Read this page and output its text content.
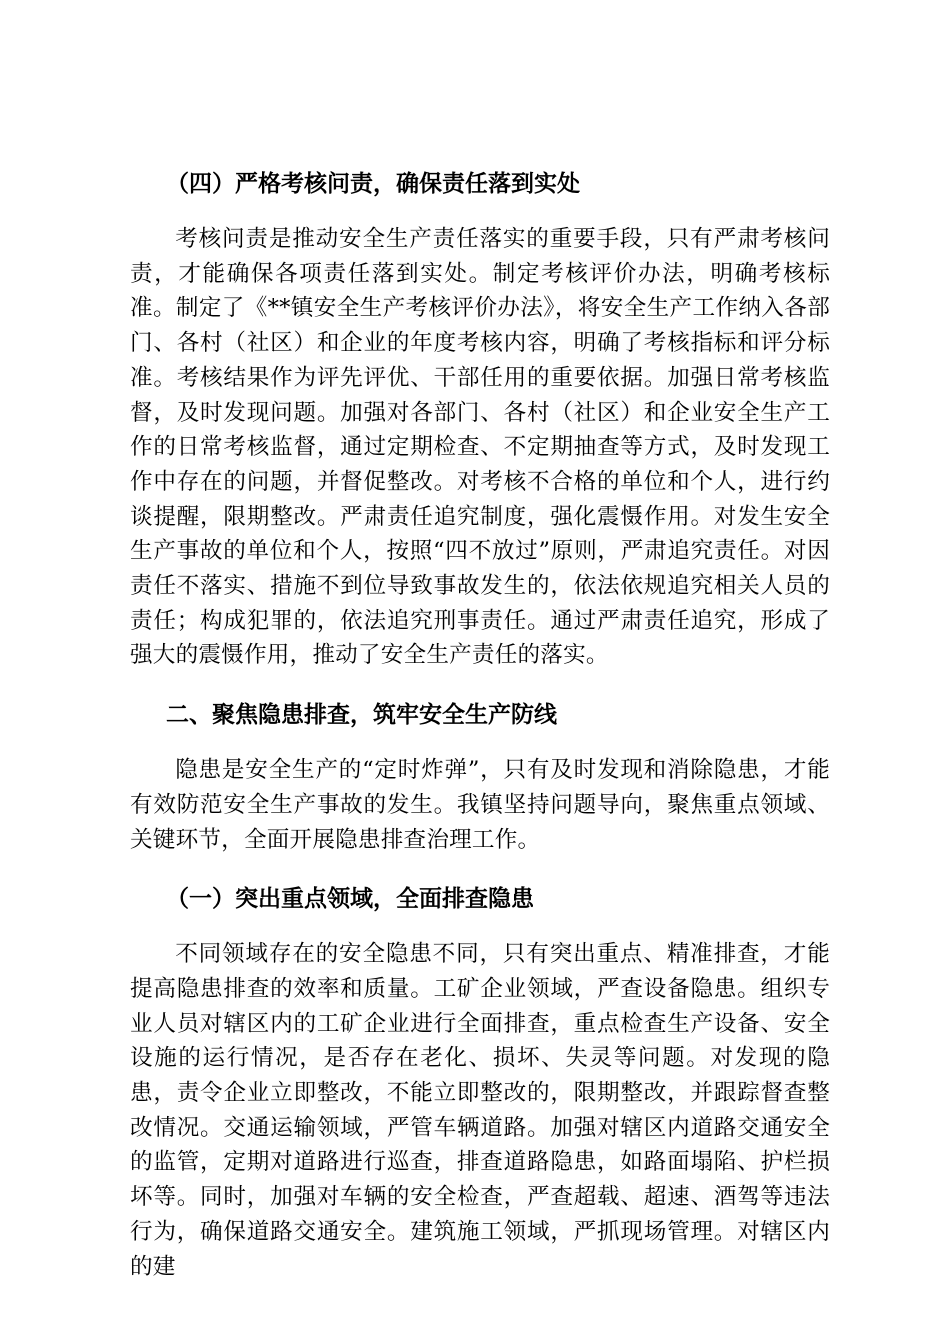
（四）严格考核问责，确保责任落到实处

考核问责是推动安全生产责任落实的重要手段，只有严肃考核问责，才能确保各项责任落到实处。制定考核评价办法，明确考核标准。制定了《**镇安全生产考核评价办法》，将安全生产工作纳入各部门、各村（社区）和企业的年度考核内容，明确了考核指标和评分标准。考核结果作为评先评优、干部任用的重要依据。加强日常考核监督，及时发现问题。加强对各部门、各村（社区）和企业安全生产工作的日常考核监督，通过定期检查、不定期抽查等方式，及时发现工作中存在的问题，并督促整改。对考核不合格的单位和个人，进行约谈提醒，限期整改。严肃责任追究制度，强化震慑作用。对发生安全生产事故的单位和个人，按照“四不放过”原则，严肃追究责任。对因责任不落实、措施不到位导致事故发生的，依法依规追究相关人员的责任；构成犯罪的，依法追究刑事责任。通过严肃责任追究，形成了强大的震慑作用，推动了安全生产责任的落实。

二、聚焦隐患排查，筑牢安全生产防线

隐患是安全生产的“定时炸弹”，只有及时发现和消除隐患，才能有效防范安全生产事故的发生。我镇坚持问题导向，聚焦重点领域、关键环节，全面开展隐患排查治理工作。

（一）突出重点领域，全面排查隐患

不同领域存在的安全隐患不同，只有突出重点、精准排查，才能提高隐患排查的效率和质量。工矿企业领域，严查设备隐患。组织专业人员对辖区内的工矿企业进行全面排查，重点检查生产设备、安全设施的运行情况，是否存在老化、损坏、失灵等问题。对发现的隐患，责令企业立即整改，不能立即整改的，限期整改，并跟踪督查整改情况。交通运输领域，严管车辆道路。加强对辖区内道路交通安全的监管，定期对道路进行巡查，排查道路隐患，如路面塌陷、护栏损坏等。同时，加强对车辆的安全检查，严查超载、超速、酒驾等违法行为，确保道路交通安全。建筑施工领域，严抓现场管理。对辖区内的建
